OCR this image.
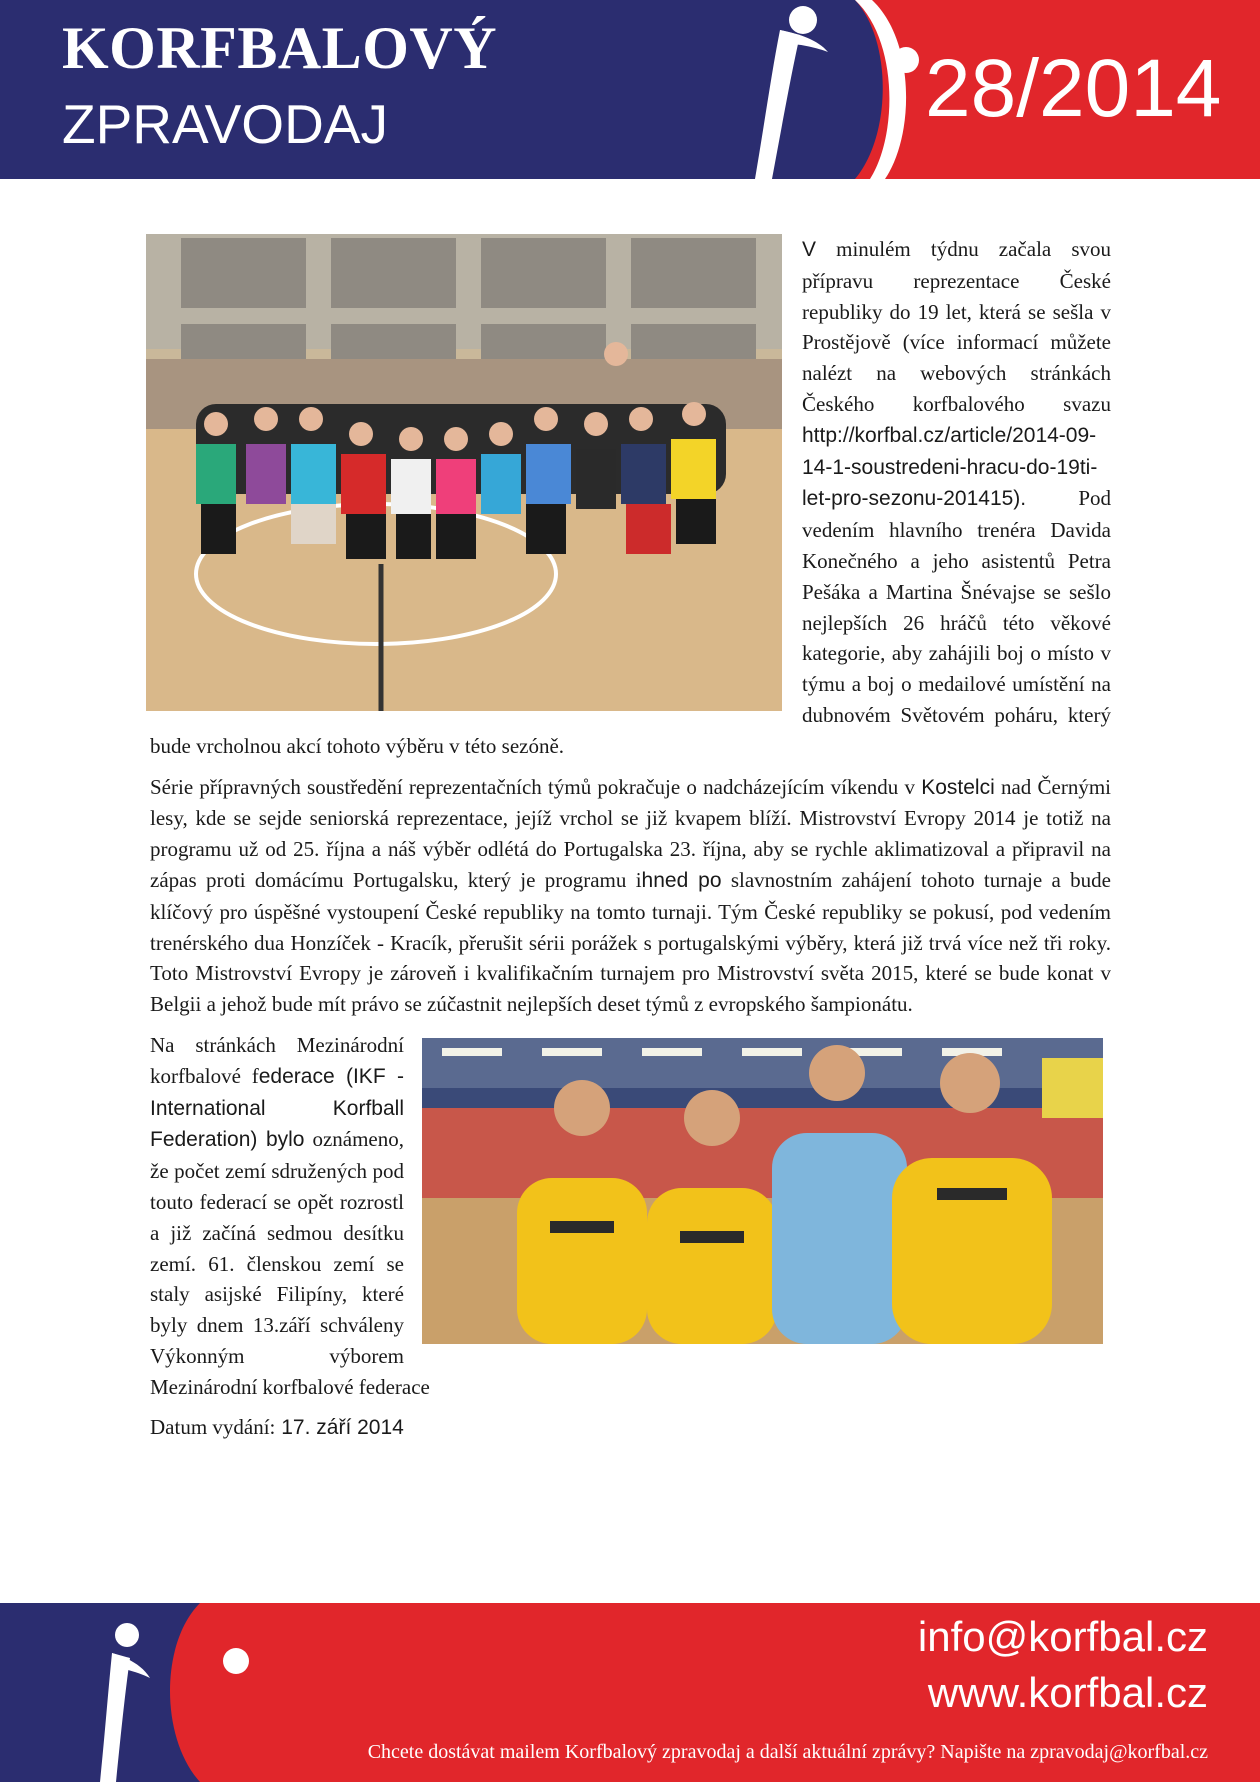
KORFBALOVÝ
ZPRAVODAJ	28/2014

V minulém týdnu začala svou přípravu reprezentace České republiky do 19 let, která se sešla v Prostějově (více informací můžete nalézt na webových stránkách Českého korfbalového svazu http://korfbal.cz/article/2014-09-14-1-soustredeni-hracu-do-19ti-let-pro-sezonu-201415). Pod vedením hlavního trenéra Davida Konečného a jeho asistentů Petra Pešáka a Martina Šnévajse se sešlo nejlepších 26 hráčů této věkové kategorie, aby zahájili boj o místo v týmu a boj o medailové umístění na dubnovém Světovém poháru, který bude vrcholnou akcí tohoto výběru v této sezóně.

Série přípravných soustředění reprezentačních týmů pokračuje o nadcházejícím víkendu v Kostelci nad Černými lesy, kde se sejde seniorská reprezentace, jejíž vrchol se již kvapem blíží. Mistrovství Evropy 2014 je totiž na programu už od 25. října a náš výběr odlétá do Portugalska 23. října, aby se rychle aklimatizoval a připravil na zápas proti domácímu Portugalsku, který je programu ihned po slavnostním zahájení tohoto turnaje a bude klíčový pro úspěšné vystoupení České republiky na tomto turnaji. Tým České republiky se pokusí, pod vedením trenérského dua Honzíček - Kracík, přerušit sérii porážek s portugalskými výběry, která již trvá více než tři roky. Toto Mistrovství Evropy je zároveň i kvalifikačním turnajem pro Mistrovství světa 2015, které se bude konat v Belgii a jehož bude mít právo se zúčastnit nejlepších deset týmů z evropského šampionátu.

Na stránkách Mezinárodní korfbalové federace (IKF - International Korfball Federation) bylo oznámeno, že počet zemí sdružených pod touto federací se opět rozrostl a již začíná sedmou desítku zemí. 61. členskou zemí se staly asijské Filipíny, které byly dnem 13.září schváleny Výkonným výborem Mezinárodní korfbalové federace

Datum vydání: 17. září 2014

info@korfbal.cz
www.korfbal.cz
Chcete dostávat mailem Korfbalový zpravodaj a další aktuální zprávy? Napište na zpravodaj@korfbal.cz
